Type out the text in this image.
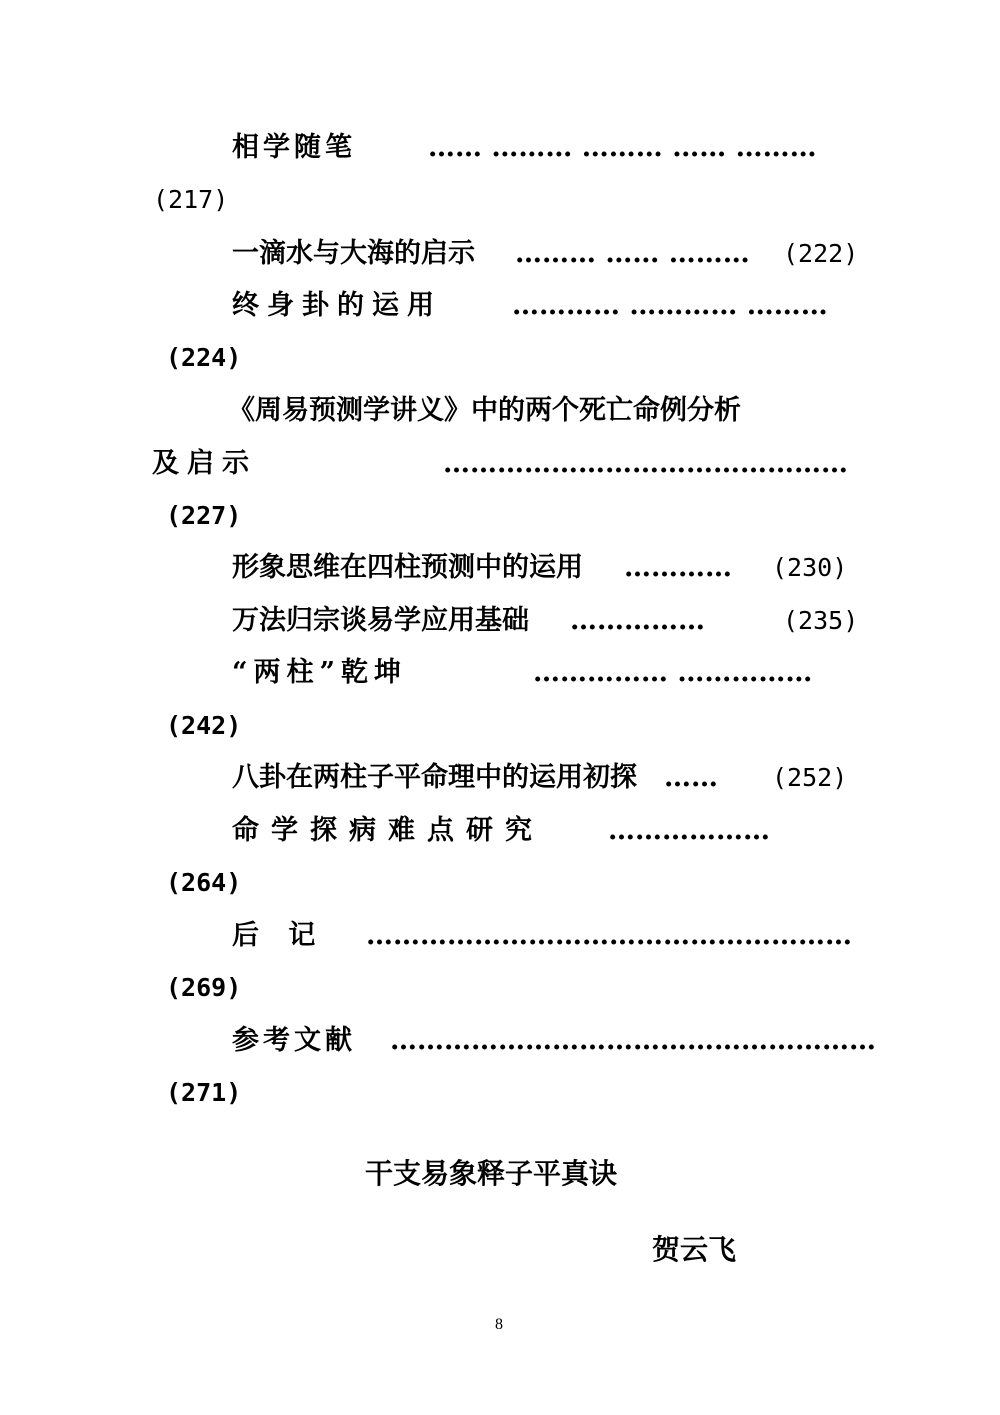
相学随笔	…… ……… ……… …… ………
(217)
一滴水与大海的启示 ……… …… ……… (222)
终身卦的运用	………… ………… ………
(224)
《周易预测学讲义》中的两个死亡命例分析
及启示	………………………………………
(227)
形象思维在四柱预测中的运用 ………… (230)
万法归宗谈易学应用基础 ……………	(235)
“两柱”乾坤	…………… ……………
(242)
八卦在两柱子平命理中的运用初探 …… (252)
命学探病难点研究 ………………
(264)
后 记 ………………………………………………
(269)
参考文献 ………………………………………………
(271)
干支易象释子平真诀
贺云飞
8
